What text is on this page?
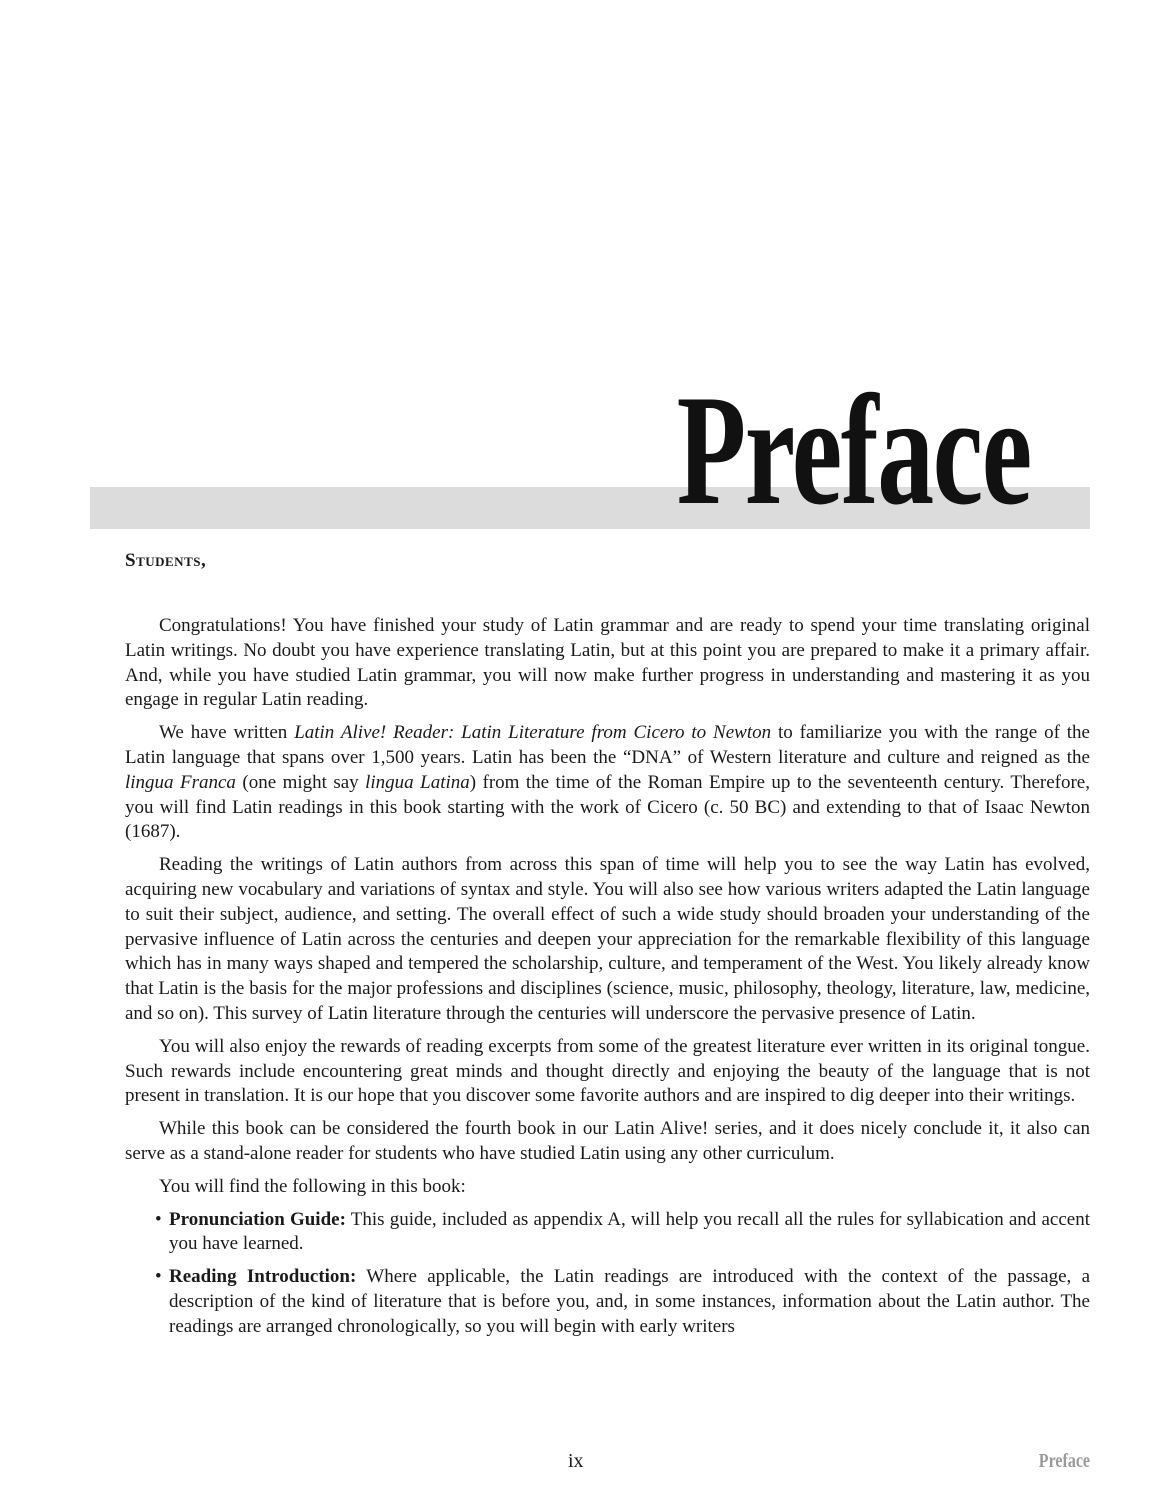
Preface

Students,

Congratulations! You have finished your study of Latin grammar and are ready to spend your time translating original Latin writings. No doubt you have experience translating Latin, but at this point you are prepared to make it a primary affair. And, while you have studied Latin grammar, you will now make further progress in understanding and mastering it as you engage in regular Latin reading.

We have written Latin Alive! Reader: Latin Literature from Cicero to Newton to familiarize you with the range of the Latin language that spans over 1,500 years. Latin has been the “DNA” of Western literature and culture and reigned as the lingua Franca (one might say lingua Latina) from the time of the Roman Empire up to the seventeenth century. Therefore, you will find Latin readings in this book starting with the work of Cicero (c. 50 BC) and extending to that of Isaac Newton (1687).

Reading the writings of Latin authors from across this span of time will help you to see the way Latin has evolved, acquiring new vocabulary and variations of syntax and style. You will also see how various writers adapted the Latin language to suit their subject, audience, and setting. The overall effect of such a wide study should broaden your understanding of the pervasive influence of Latin across the centuries and deepen your appreciation for the remarkable flexibility of this language which has in many ways shaped and tempered the scholarship, culture, and temperament of the West. You likely already know that Latin is the basis for the major professions and disciplines (science, music, philosophy, theology, literature, law, medicine, and so on). This survey of Latin literature through the centuries will underscore the pervasive presence of Latin.

You will also enjoy the rewards of reading excerpts from some of the greatest literature ever written in its original tongue. Such rewards include encountering great minds and thought directly and enjoying the beauty of the language that is not present in translation. It is our hope that you discover some favorite authors and are inspired to dig deeper into their writings.

While this book can be considered the fourth book in our Latin Alive! series, and it does nicely conclude it, it also can serve as a stand-alone reader for students who have studied Latin using any other curriculum.

You will find the following in this book:

• Pronunciation Guide: This guide, included as appendix A, will help you recall all the rules for syllabication and accent you have learned.
• Reading Introduction: Where applicable, the Latin readings are introduced with the context of the passage, a description of the kind of literature that is before you, and, in some instances, information about the Latin author. The readings are arranged chronologically, so you will begin with early writers
ix	Preface
